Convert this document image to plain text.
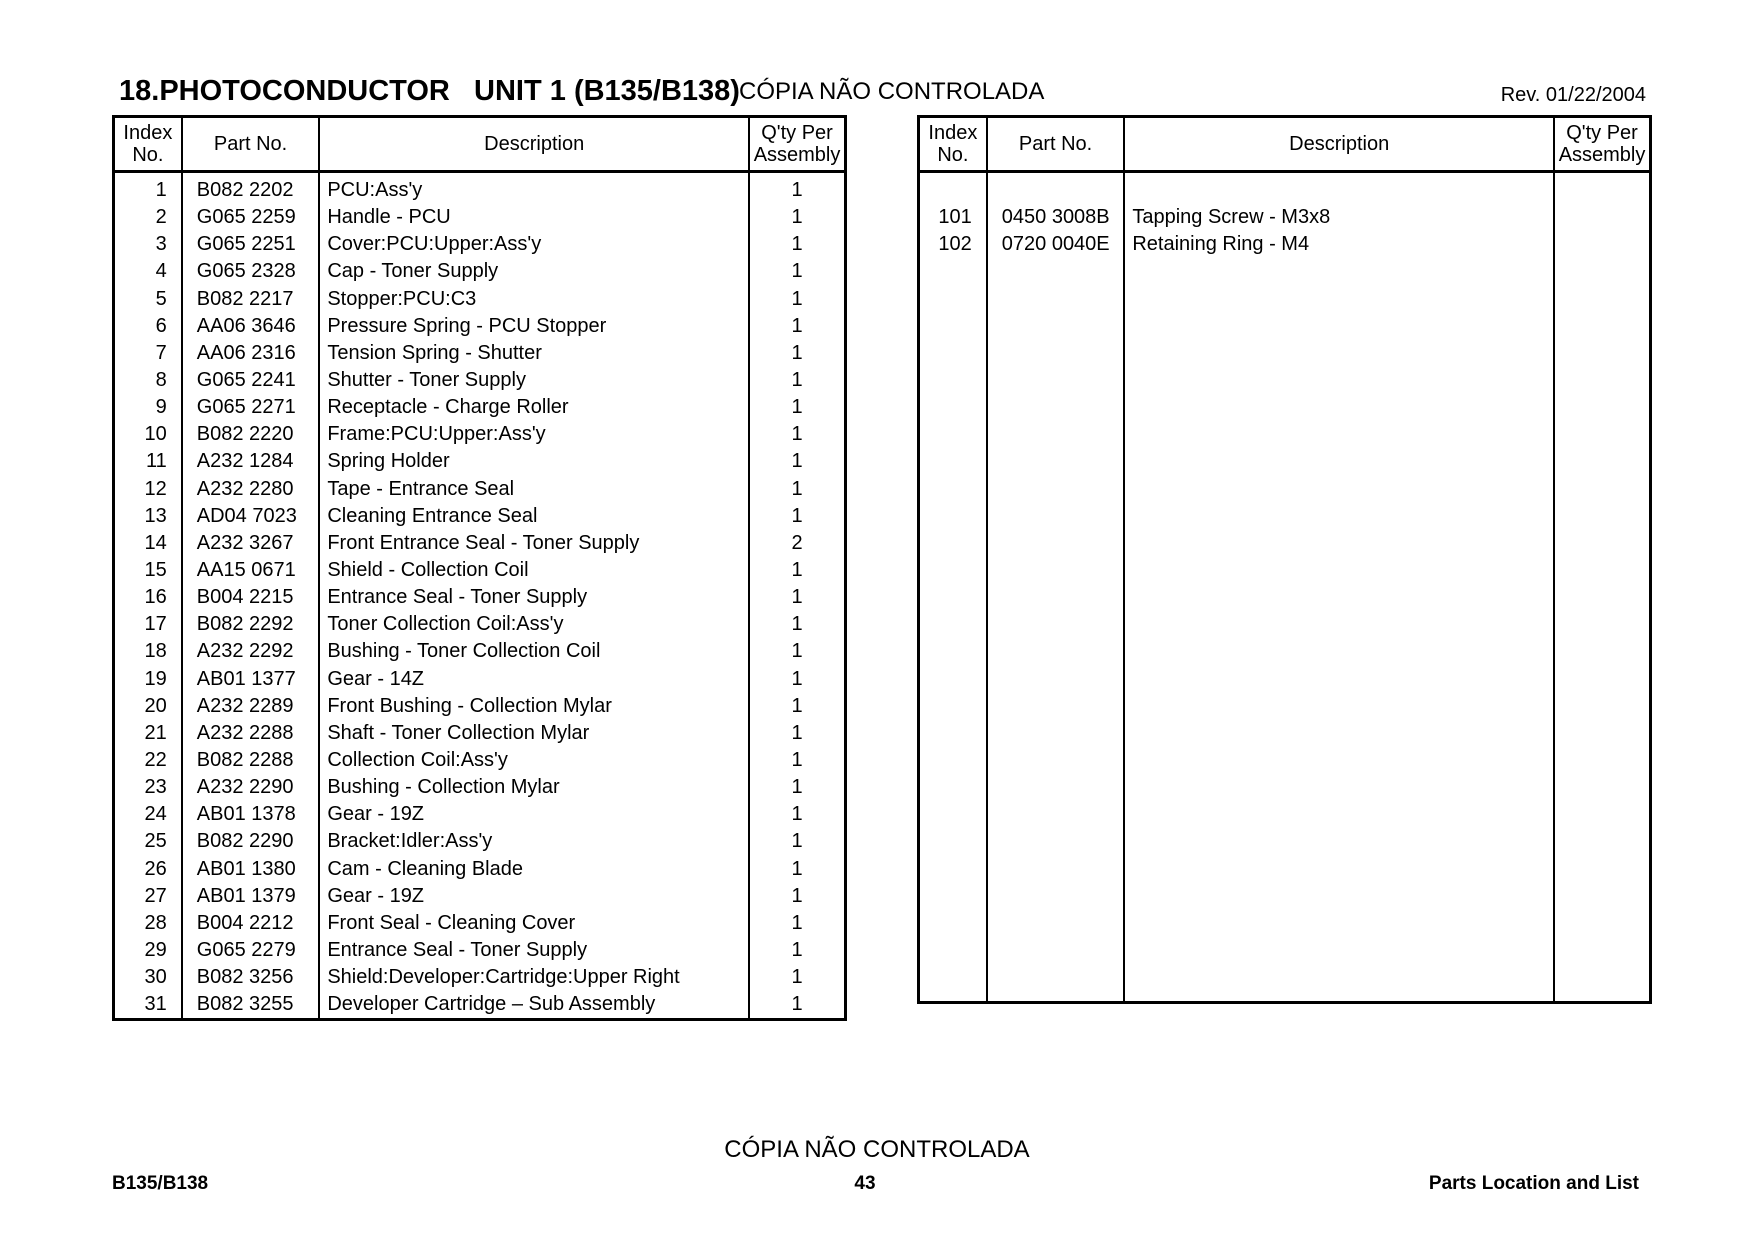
18.PHOTOCONDUCTOR   UNIT 1 (B135/B138) CÓPIA NÃO CONTROLADA	Rev. 01/22/2004
Index No.	Part No.	Description	Q'ty Per Assembly
1	B082 2202	PCU:Ass'y	1
2	G065 2259	Handle - PCU	1
3	G065 2251	Cover:PCU:Upper:Ass'y	1
4	G065 2328	Cap - Toner Supply	1
5	B082 2217	Stopper:PCU:C3	1
6	AA06 3646	Pressure Spring - PCU Stopper	1
7	AA06 2316	Tension Spring - Shutter	1
8	G065 2241	Shutter - Toner Supply	1
9	G065 2271	Receptacle - Charge Roller	1
10	B082 2220	Frame:PCU:Upper:Ass'y	1
11	A232 1284	Spring Holder	1
12	A232 2280	Tape - Entrance Seal	1
13	AD04 7023	Cleaning Entrance Seal	1
14	A232 3267	Front Entrance Seal - Toner Supply	2
15	AA15 0671	Shield - Collection Coil	1
16	B004 2215	Entrance Seal - Toner Supply	1
17	B082 2292	Toner Collection Coil:Ass'y	1
18	A232 2292	Bushing - Toner Collection Coil	1
19	AB01 1377	Gear - 14Z	1
20	A232 2289	Front Bushing - Collection Mylar	1
21	A232 2288	Shaft - Toner Collection Mylar	1
22	B082 2288	Collection Coil:Ass'y	1
23	A232 2290	Bushing - Collection Mylar	1
24	AB01 1378	Gear - 19Z	1
25	B082 2290	Bracket:Idler:Ass'y	1
26	AB01 1380	Cam - Cleaning Blade	1
27	AB01 1379	Gear - 19Z	1
28	B004 2212	Front Seal - Cleaning Cover	1
29	G065 2279	Entrance Seal - Toner Supply	1
30	B082 3256	Shield:Developer:Cartridge:Upper Right	1
31	B082 3255	Developer Cartridge – Sub Assembly	1

Index No.	Part No.	Description	Q'ty Per Assembly

101	0450 3008B	Tapping Screw - M3x8	
102	0720 0040E	Retaining Ring - M4	

CÓPIA NÃO CONTROLADA
B135/B138	43	Parts Location and List
